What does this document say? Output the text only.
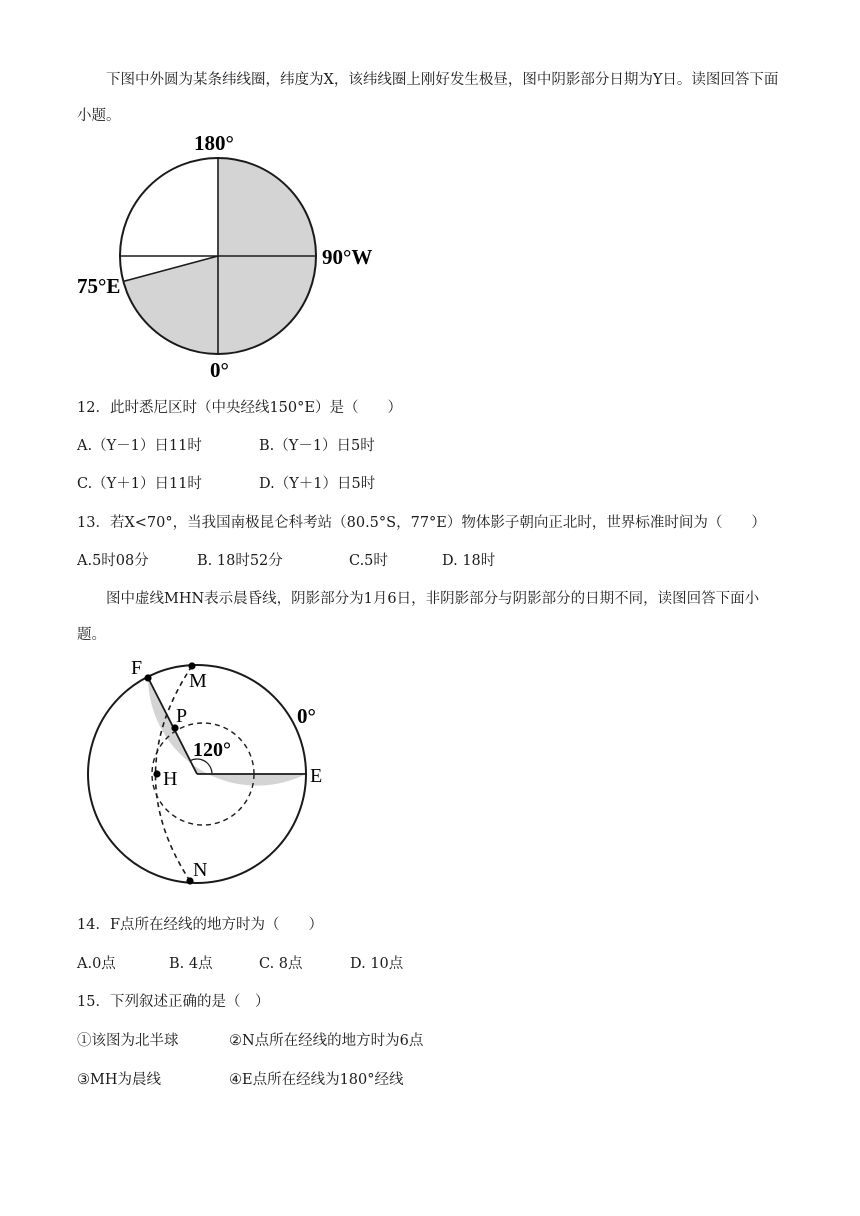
下图中外圆为某条纬线圈，纬度为X，该纬线圈上刚好发生极昼，图中阴影部分日期为Y日。读图回答下面小题。

180°
90°W
75°E
0°
12．此时悉尼区时（中央经线150°E）是（　　）
A.（Y－1）日11时	B.（Y－1）日5时
C.（Y＋1）日11时	D.（Y＋1）日5时
13．若X<70°，当我国南极昆仑科考站（80.5°S，77°E）物体影子朝向正北时，世界标准时间为（　　）
A.5时08分	B. 18时52分	C.5时	D. 18时

图中虚线MHN表示晨昏线，阴影部分为1月6日，非阴影部分与阴影部分的日期不同，读图回答下面小题。

F
M
P
120°
H	E
0°
N
14．F点所在经线的地方时为（　　）
A.0点	B. 4点	C. 8点	D. 10点
15．下列叙述正确的是（　）
①该图为北半球	②N点所在经线的地方时为6点
③MH为晨线	④E点所在经线为180°经线
